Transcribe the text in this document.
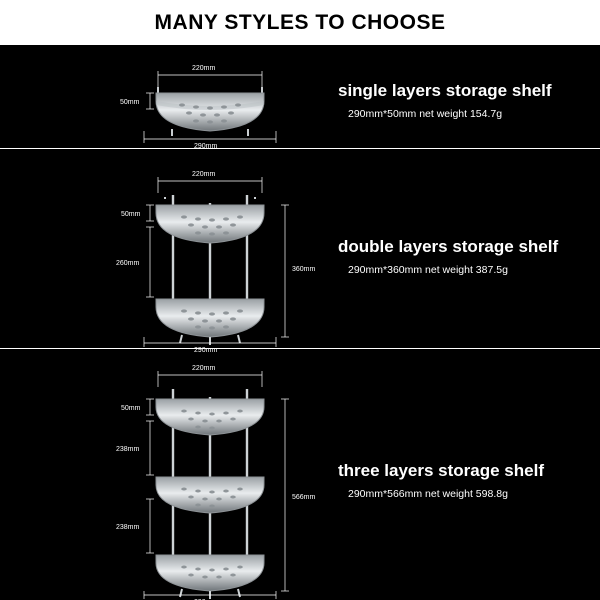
MANY STYLES TO CHOOSE
220mm
50mm
290mm
single layers storage shelf
290mm*50mm net weight 154.7g
220mm
50mm
260mm
360mm
290mm
double layers storage shelf
290mm*360mm net weight 387.5g
220mm
50mm
238mm
238mm
566mm
three layers storage shelf
290mm*566mm net weight 598.8g
